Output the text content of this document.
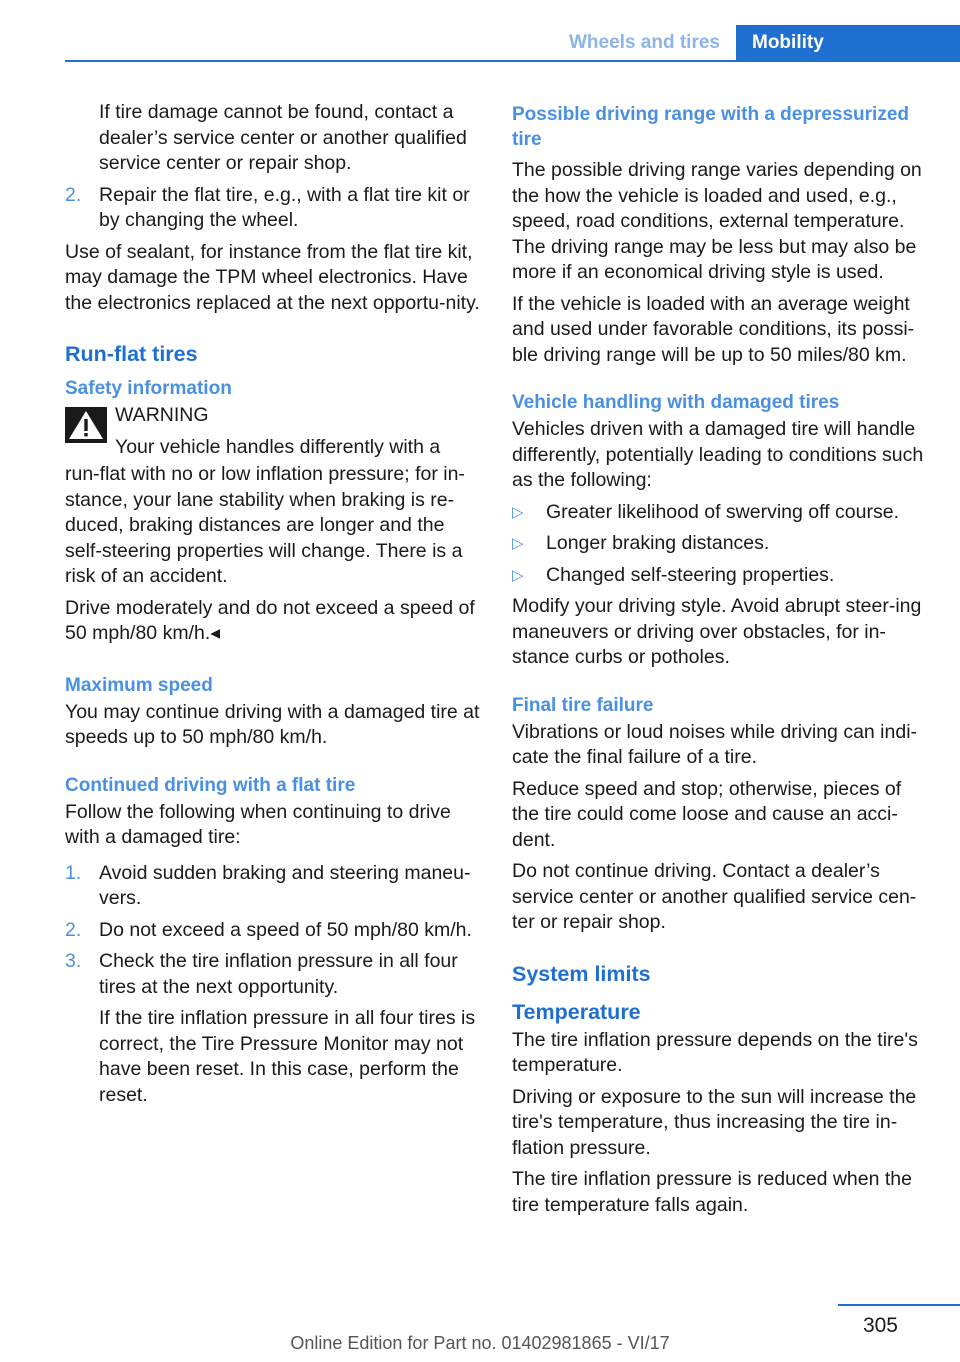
Wheels and tires	Mobility

If tire damage cannot be found, contact a dealer’s service center or another qualified service center or repair shop.

2. Repair the flat tire, e.g., with a flat tire kit or by changing the wheel.

Use of sealant, for instance from the flat tire kit, may damage the TPM wheel electronics. Have the electronics replaced at the next opportu-nity.

Run-flat tires
Safety information
WARNING
Your vehicle handles differently with a

run-flat with no or low inflation pressure; for in-stance, your lane stability when braking is re-duced, braking distances are longer and the self-steering properties will change. There is a risk of an accident.

Drive moderately and do not exceed a speed of 50 mph/80 km/h.◂

Maximum speed

You may continue driving with a damaged tire at speeds up to 50 mph/80 km/h.

Continued driving with a flat tire

Follow the following when continuing to drive with a damaged tire:

1. Avoid sudden braking and steering maneu-vers.
2. Do not exceed a speed of 50 mph/80 km/h.
3. Check the tire inflation pressure in all four tires at the next opportunity.

If the tire inflation pressure in all four tires is correct, the Tire Pressure Monitor may not have been reset. In this case, perform the reset.

Possible driving range with a depressurized tire

The possible driving range varies depending on the how the vehicle is loaded and used, e.g., speed, road conditions, external temperature. The driving range may be less but may also be more if an economical driving style is used.

If the vehicle is loaded with an average weight and used under favorable conditions, its possi-ble driving range will be up to 50 miles/80 km.

Vehicle handling with damaged tires

Vehicles driven with a damaged tire will handle differently, potentially leading to conditions such as the following:

▷	Greater likelihood of swerving off course.
▷	Longer braking distances.
▷	Changed self-steering properties.

Modify your driving style. Avoid abrupt steer-ing maneuvers or driving over obstacles, for in-stance curbs or potholes.

Final tire failure

Vibrations or loud noises while driving can indi-cate the final failure of a tire.

Reduce speed and stop; otherwise, pieces of the tire could come loose and cause an acci-dent.

Do not continue driving. Contact a dealer’s service center or another qualified service cen-ter or repair shop.

System limits
Temperature

The tire inflation pressure depends on the tire's temperature.

Driving or exposure to the sun will increase the tire's temperature, thus increasing the tire in-flation pressure.

The tire inflation pressure is reduced when the tire temperature falls again.

305
Online Edition for Part no. 01402981865 - VI/17
